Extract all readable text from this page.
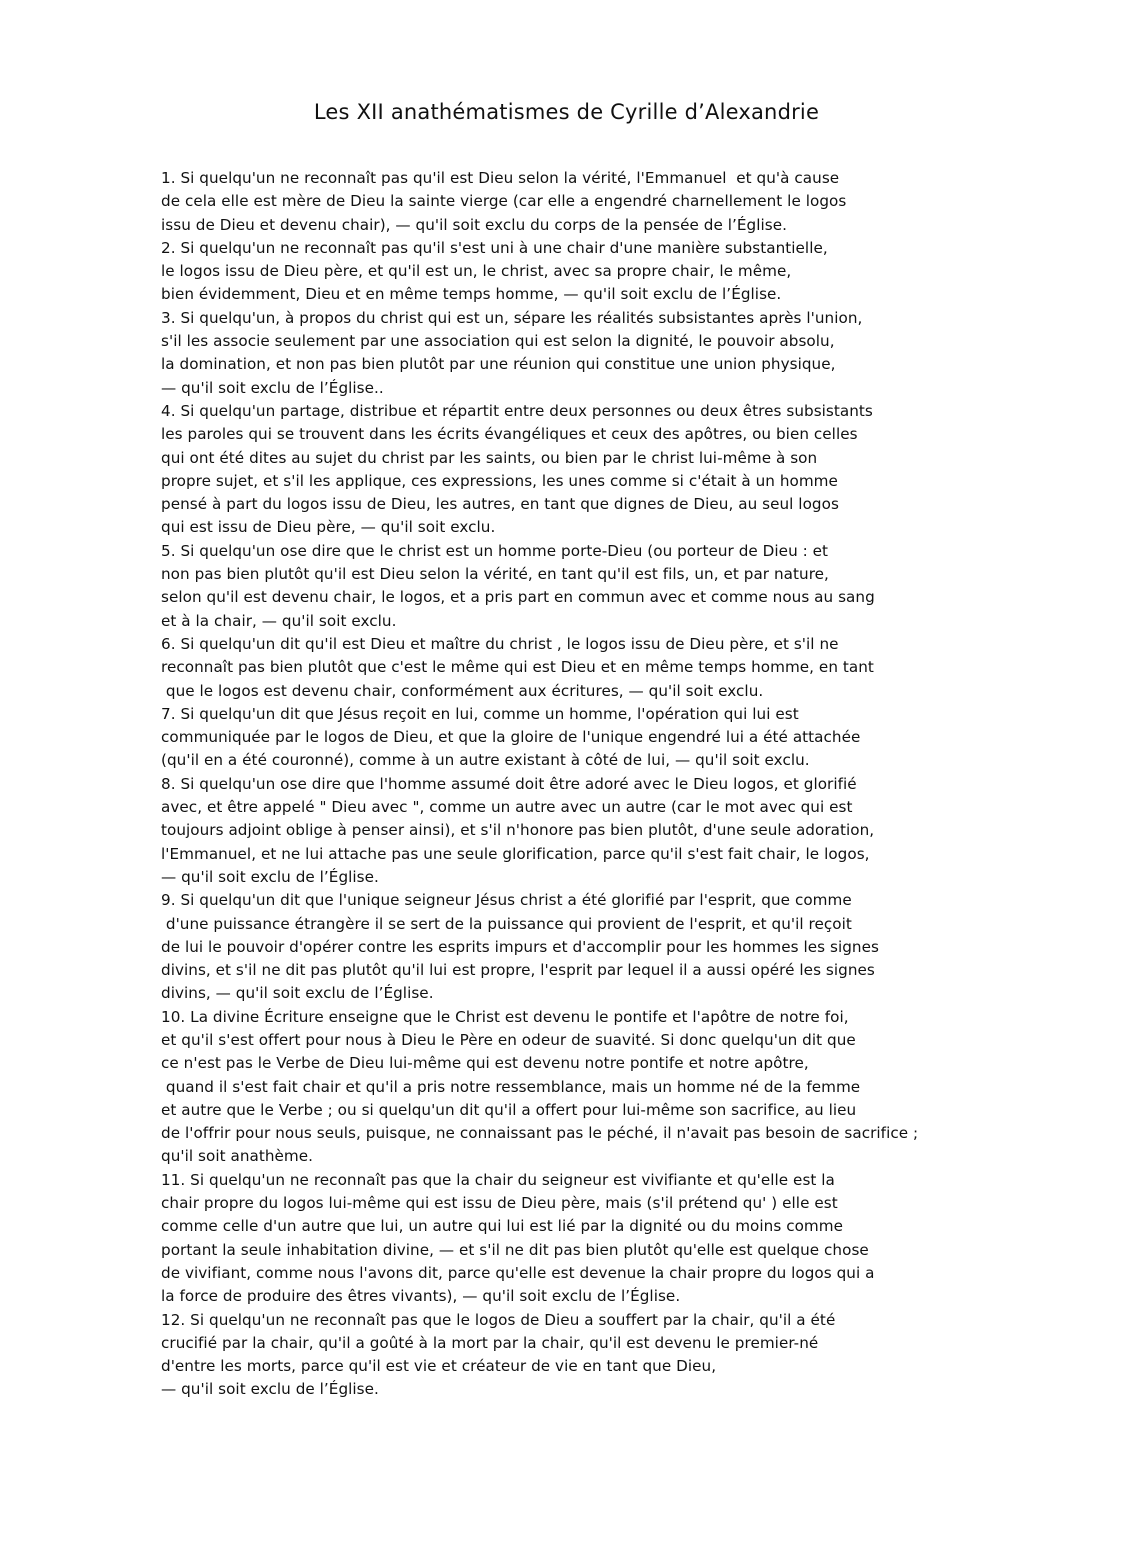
Les XII anathématismes de Cyrille d’Alexandrie
1. Si quelqu'un ne reconnaît pas qu'il est Dieu selon la vérité, l'Emmanuel  et qu'à cause
de cela elle est mère de Dieu la sainte vierge (car elle a engendré charnellement le logos
issu de Dieu et devenu chair), — qu'il soit exclu du corps de la pensée de l’Église.
2. Si quelqu'un ne reconnaît pas qu'il s'est uni à une chair d'une manière substantielle,
le logos issu de Dieu père, et qu'il est un, le christ, avec sa propre chair, le même,
bien évidemment, Dieu et en même temps homme, — qu'il soit exclu de l’Église.
3. Si quelqu'un, à propos du christ qui est un, sépare les réalités subsistantes après l'union,
s'il les associe seulement par une association qui est selon la dignité, le pouvoir absolu,
la domination, et non pas bien plutôt par une réunion qui constitue une union physique,
— qu'il soit exclu de l’Église..
4. Si quelqu'un partage, distribue et répartit entre deux personnes ou deux êtres subsistants
les paroles qui se trouvent dans les écrits évangéliques et ceux des apôtres, ou bien celles
qui ont été dites au sujet du christ par les saints, ou bien par le christ lui-même à son
propre sujet, et s'il les applique, ces expressions, les unes comme si c'était à un homme
pensé à part du logos issu de Dieu, les autres, en tant que dignes de Dieu, au seul logos
qui est issu de Dieu père, — qu'il soit exclu.
5. Si quelqu'un ose dire que le christ est un homme porte-Dieu (ou porteur de Dieu : et
non pas bien plutôt qu'il est Dieu selon la vérité, en tant qu'il est fils, un, et par nature,
selon qu'il est devenu chair, le logos, et a pris part en commun avec et comme nous au sang
et à la chair, — qu'il soit exclu.
6. Si quelqu'un dit qu'il est Dieu et maître du christ , le logos issu de Dieu père, et s'il ne
reconnaît pas bien plutôt que c'est le même qui est Dieu et en même temps homme, en tant
que le logos est devenu chair, conformément aux écritures, — qu'il soit exclu.
7. Si quelqu'un dit que Jésus reçoit en lui, comme un homme, l'opération qui lui est
communiquée par le logos de Dieu, et que la gloire de l'unique engendré lui a été attachée
(qu'il en a été couronné), comme à un autre existant à côté de lui, — qu'il soit exclu.
8. Si quelqu'un ose dire que l'homme assumé doit être adoré avec le Dieu logos, et glorifié
avec, et être appelé " Dieu avec ", comme un autre avec un autre (car le mot avec qui est
toujours adjoint oblige à penser ainsi), et s'il n'honore pas bien plutôt, d'une seule adoration,
l'Emmanuel, et ne lui attache pas une seule glorification, parce qu'il s'est fait chair, le logos,
— qu'il soit exclu de l’Église.
9. Si quelqu'un dit que l'unique seigneur Jésus christ a été glorifié par l'esprit, que comme
d'une puissance étrangère il se sert de la puissance qui provient de l'esprit, et qu'il reçoit
de lui le pouvoir d'opérer contre les esprits impurs et d'accomplir pour les hommes les signes
divins, et s'il ne dit pas plutôt qu'il lui est propre, l'esprit par lequel il a aussi opéré les signes
divins, — qu'il soit exclu de l’Église.
10. La divine Écriture enseigne que le Christ est devenu le pontife et l'apôtre de notre foi,
et qu'il s'est offert pour nous à Dieu le Père en odeur de suavité. Si donc quelqu'un dit que
ce n'est pas le Verbe de Dieu lui-même qui est devenu notre pontife et notre apôtre,
quand il s'est fait chair et qu'il a pris notre ressemblance, mais un homme né de la femme
et autre que le Verbe ; ou si quelqu'un dit qu'il a offert pour lui-même son sacrifice, au lieu
de l'offrir pour nous seuls, puisque, ne connaissant pas le péché, il n'avait pas besoin de sacrifice ;
qu'il soit anathème.
11. Si quelqu'un ne reconnaît pas que la chair du seigneur est vivifiante et qu'elle est la
chair propre du logos lui-même qui est issu de Dieu père, mais (s'il prétend qu' ) elle est
comme celle d'un autre que lui, un autre qui lui est lié par la dignité ou du moins comme
portant la seule inhabitation divine, — et s'il ne dit pas bien plutôt qu'elle est quelque chose
de vivifiant, comme nous l'avons dit, parce qu'elle est devenue la chair propre du logos qui a
la force de produire des êtres vivants), — qu'il soit exclu de l’Église.
12. Si quelqu'un ne reconnaît pas que le logos de Dieu a souffert par la chair, qu'il a été
crucifié par la chair, qu'il a goûté à la mort par la chair, qu'il est devenu le premier-né
d'entre les morts, parce qu'il est vie et créateur de vie en tant que Dieu,
— qu'il soit exclu de l’Église.
